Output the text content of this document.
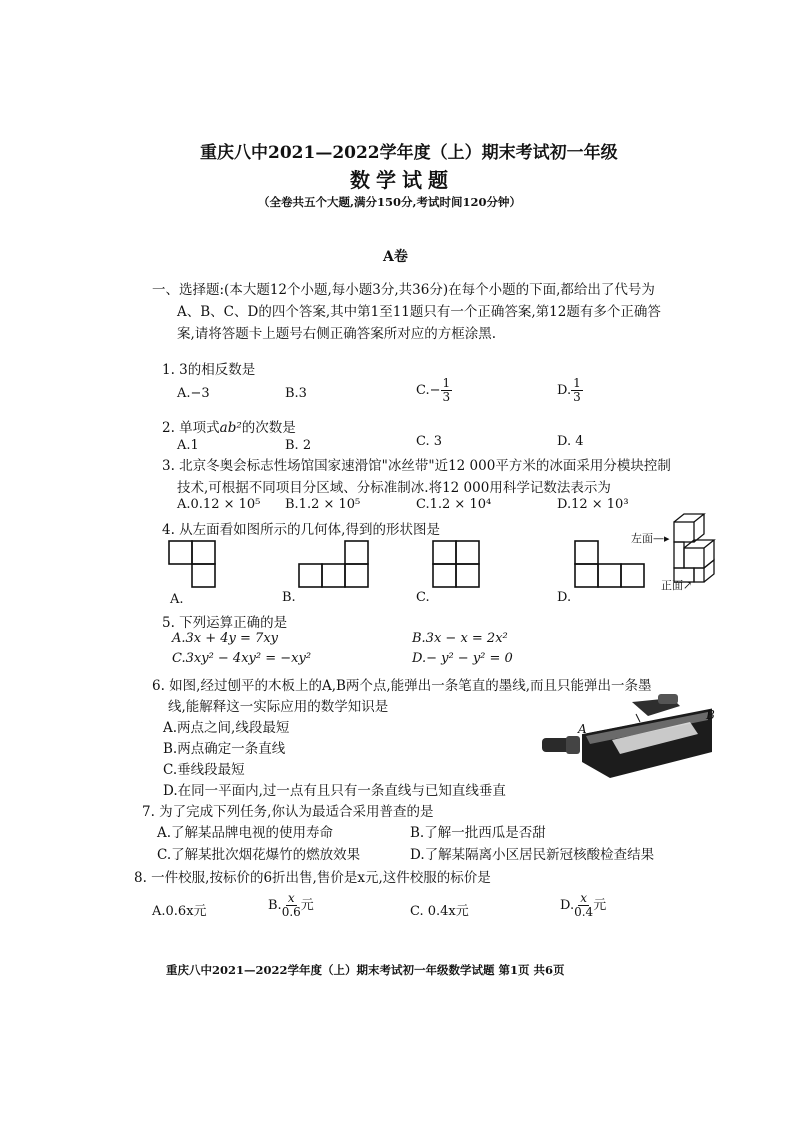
重庆八中2021—2022学年度（上）期末考试初一年级
数学试题
（全卷共五个大题,满分150分,考试时间120分钟）
A卷
一、选择题:(本大题12个小题,每小题3分,共36分)在每个小题的下面,都给出了代号为
A、B、C、D的四个答案,其中第1至11题只有一个正确答案,第12题有多个正确答
案,请将答题卡上题号右侧正确答案所对应的方框涂黑.
1. 3的相反数是
A.−3	B.3	$C.- \frac{1}{3}$	D. $\frac{1}{3}$
2. 单项式ab²的次数是
A.1	B. 2	C. 3	D. 4
3. 北京冬奥会标志性场馆国家速滑馆"冰丝带"近12 000平方米的冰面采用分模块控制
技术,可根据不同项目分区域、分标准制冰.将12 000用科学记数法表示为
A.0.12 × 10⁵ B.1.2 × 10⁵	C.1.2 × 10⁴	D.12 × 10³
4. 从左面看如图所示的几何体,得到的形状图是
A.	B.	C.	D.
左面—▸
正面↗
5. 下列运算正确的是
A.3x + 4y = 7xy	B.3x − x = 2x²
C.3xy² − 4xy² = −xy²	D.− y² − y² = 0
6. 如图,经过刨平的木板上的A,B两个点,能弹出一条笔直的墨线,而且只能弹出一条墨
线,能解释这一实际应用的数学知识是
A.两点之间,线段最短
B.两点确定一条直线
C.垂线段最短
D.在同一平面内,过一点有且只有一条直线与已知直线垂直
A
B
7. 为了完成下列任务,你认为最适合采用普查的是
A.了解某品牌电视的使用寿命	B.了解一批西瓜是否甜
C.了解某批次烟花爆竹的燃放效果	D.了解某隔离小区居民新冠核酸检查结果
8. 一件校服,按标价的6折出售,售价是x元,这件校服的标价是
A.0.6x元	B. $\frac{x}{0.6}$ 元	C. 0.4x元	D. $\frac{x}{0.4}$ 元
重庆八中2021—2022学年度（上）期末考试初一年级数学试题 第1页 共6页
